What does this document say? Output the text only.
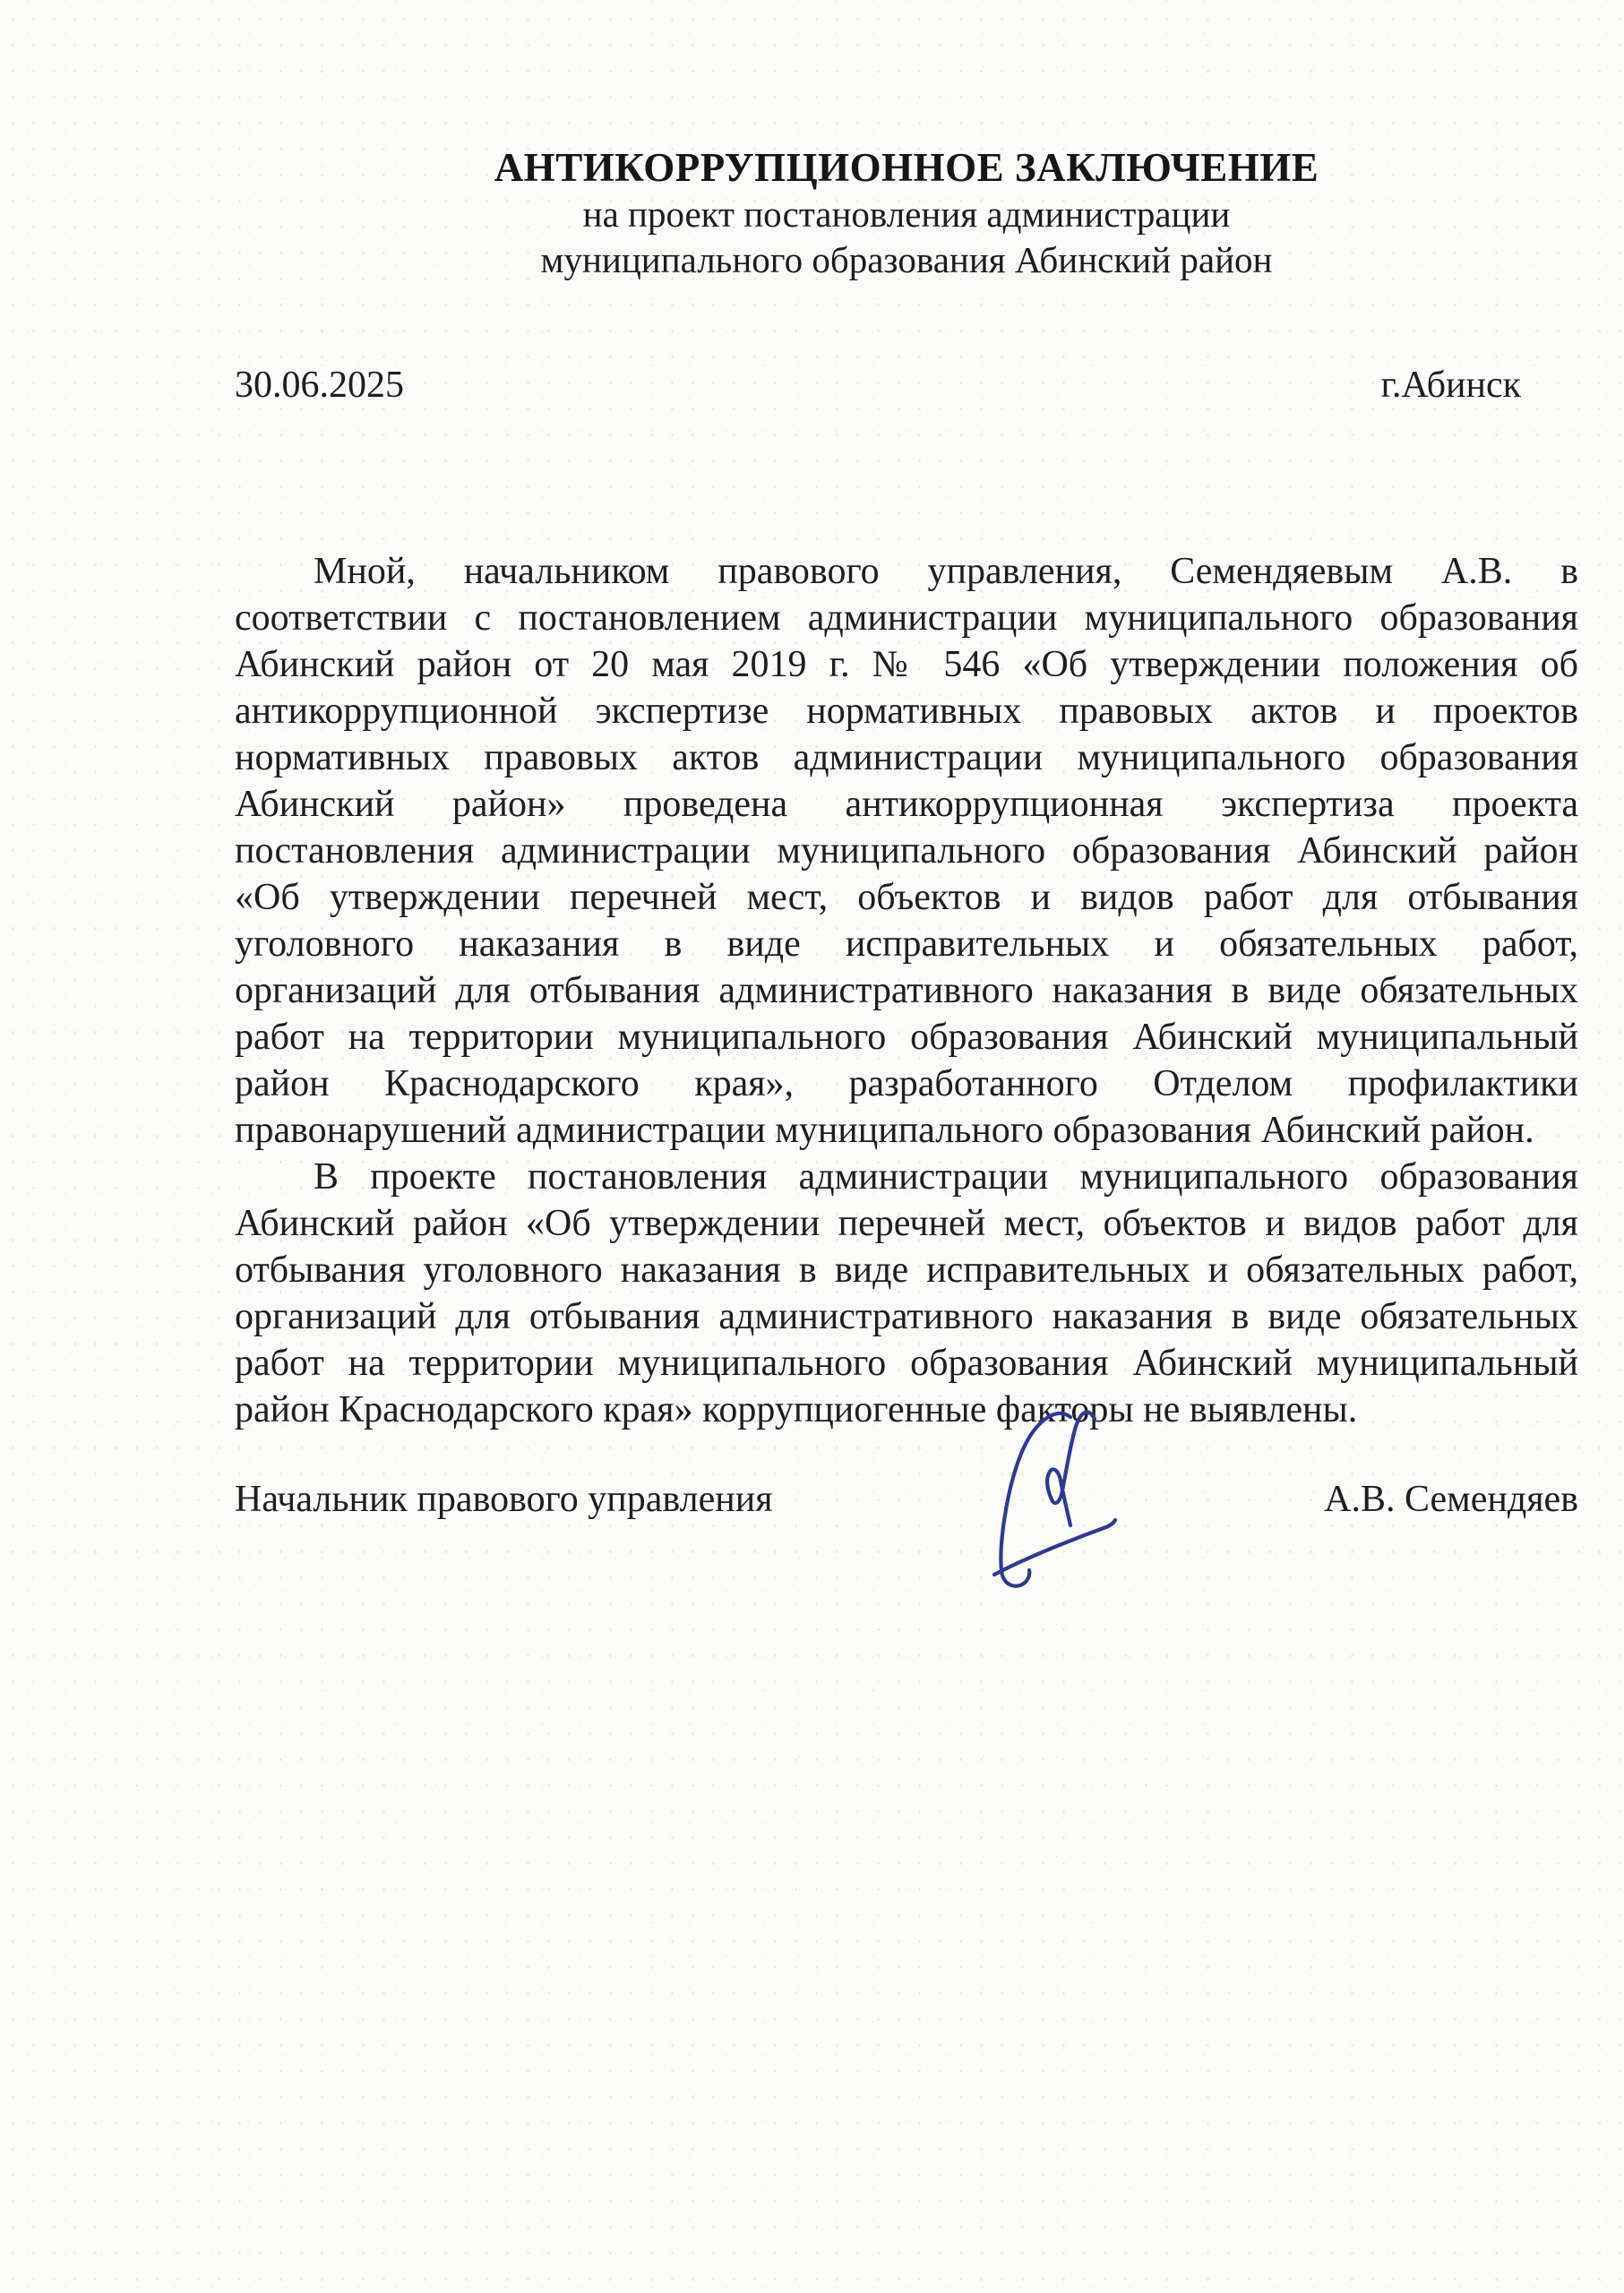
АНТИКОРРУПЦИОННОЕ ЗАКЛЮЧЕНИЕ
на проект постановления администрации
муниципального образования Абинский район
30.06.2025	г.Абинск
Мной, начальником правового управления, Семендяевым А.В. в
соответствии с постановлением администрации муниципального образования
Абинский район от 20 мая 2019 г. № 546 «Об утверждении положения об
антикоррупционной экспертизе нормативных правовых актов и проектов
нормативных правовых актов администрации муниципального образования
Абинский район» проведена антикоррупционная экспертиза проекта
постановления администрации муниципального образования Абинский район
«Об утверждении перечней мест, объектов и видов работ для отбывания
уголовного наказания в виде исправительных и обязательных работ,
организаций для отбывания административного наказания в виде обязательных
работ на территории муниципального образования Абинский муниципальный
район Краснодарского края», разработанного Отделом профилактики
правонарушений администрации муниципального образования Абинский район.
В проекте постановления администрации муниципального образования
Абинский район «Об утверждении перечней мест, объектов и видов работ для
отбывания уголовного наказания в виде исправительных и обязательных работ,
организаций для отбывания административного наказания в виде обязательных
работ на территории муниципального образования Абинский муниципальный
район Краснодарского края» коррупциогенные факторы не выявлены.
Начальник правового управления	А.В. Семендяев
